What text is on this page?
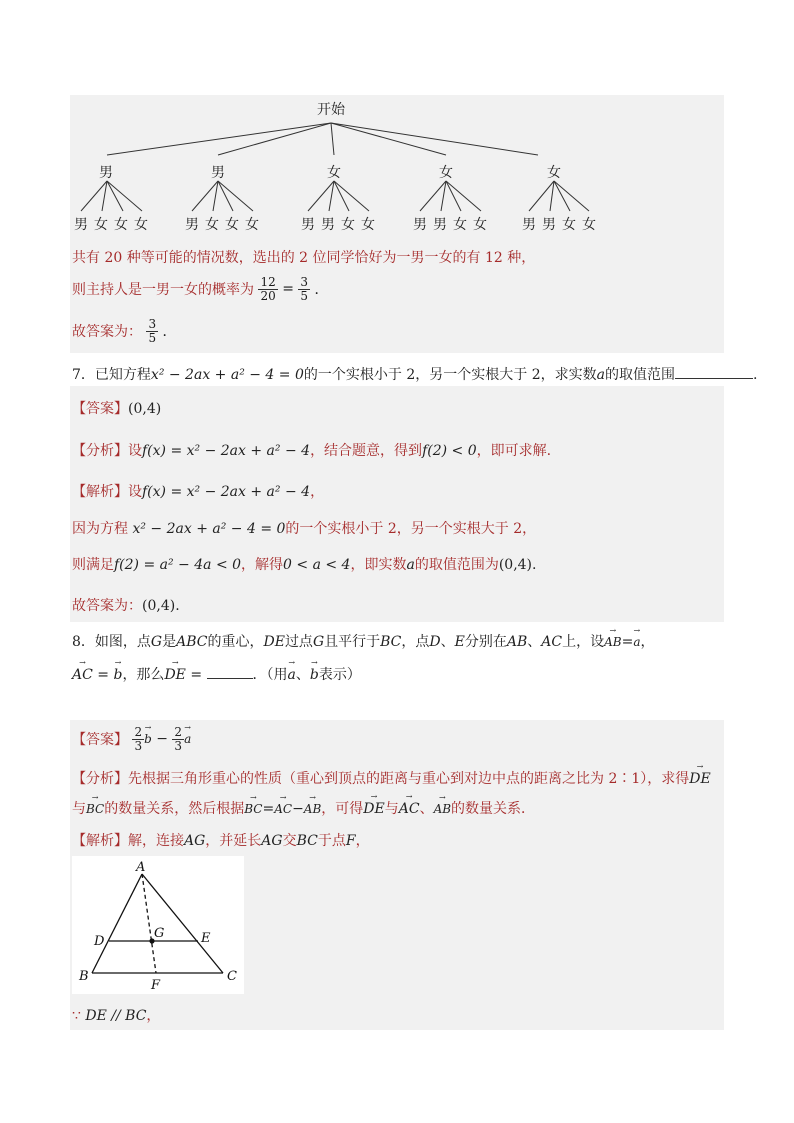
开始
男	男	女	女	女
男 女 女 女	男 女 女 女	男 男 女 女	男 男 女 女	男 男 女 女
共有 20 种等可能的情况数，选出的 2 位同学恰好为一男一女的有 12 种，
则主持人是一男一女的概率为 $\frac{12}{20} = \frac{3}{5}$ ．
故答案为： $\frac{3}{5}$ ．
7．已知方程x² − 2ax + a² − 4 = 0的一个实根小于 2，另一个实根大于 2，求实数a的取值范围	.
【答案】(0,4)
【分析】设f(x) = x² − 2ax + a² − 4，结合题意，得到f(2) < 0，即可求解.
【解析】设f(x) = x² − 2ax + a² − 4，
因为方程 x² − 2ax + a² − 4 = 0的一个实根小于 2，另一个实根大于 2，
则满足f(2) = a² − 4a < 0，解得0 < a < 4，即实数a的取值范围为(0,4).
故答案为：(0,4).
8．如图，点G是ABC的重心，DE过点G且平行于BC，点D、E分别在AB、AC上，设→ AB=→ a，
→ AC = → b，那么→ DE =	．（用→ a、→ b表示）
【答案】 $\frac{2}{3}$
→ $b - \frac{2}{3}$
→ a
【分析】先根据三角形重心的性质（重心到顶点的距离与重心到对边中点的距离之比为 2∶1），求得→ DE
与→ BC的数量关系，然后根据→ BC=→ AC−→ AB，可得→ DE与→ AC、→ AB的数量关系．
【解析】解，连接AG，并延长AG交BC于点F，
A
B	C
D	E
F
G
∵ DE // BC，
